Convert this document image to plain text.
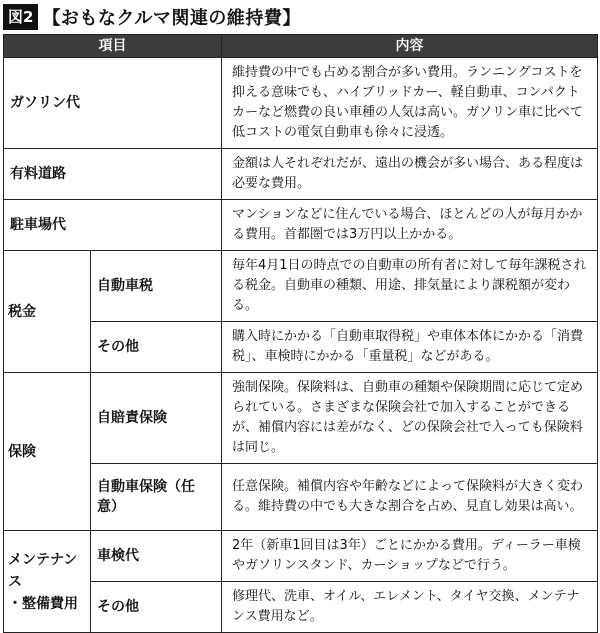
図2 【おもなクルマ関連の維持費】
項目		内容
ガソリン代		維持費の中でも占める割合が多い費用。ランニングコストを抑える意味でも、ハイブリッドカー、軽自動車、コンパクトカーなど燃費の良い車種の人気は高い。ガソリン車に比べて低コストの電気自動車も徐々に浸透。
有料道路		金額は人それぞれだが、遠出の機会が多い場合、ある程度は必要な費用。
駐車場代		マンションなどに住んでいる場合、ほとんどの人が毎月かかる費用。首都圏では3万円以上かかる。
税金	自動車税	毎年4月1日の時点での自動車の所有者に対して毎年課税される税金。自動車の種類、用途、排気量により課税額が変わる。
	その他	購入時にかかる「自動車取得税」や車体本体にかかる「消費税」、車検時にかかる「重量税」などがある。
保険	自賠責保険	強制保険。保険料は、自動車の種類や保険期間に応じて定められている。さまざまな保険会社で加入することができるが、補償内容には差がなく、どの保険会社で入っても保険料は同じ。
	自動車保険（任意）	任意保険。補償内容や年齢などによって保険料が大きく変わる。維持費の中でも大きな割合を占め、見直し効果は高い。

メンテナンス
・整備費用	車検代	2年（新車1回目は3年）ごとにかかる費用。ディーラー車検やガソリンスタンド、カーショップなどで行う。
	その他	修理代、洗車、オイル、エレメント、タイヤ交換、メンテナンス費用など。
